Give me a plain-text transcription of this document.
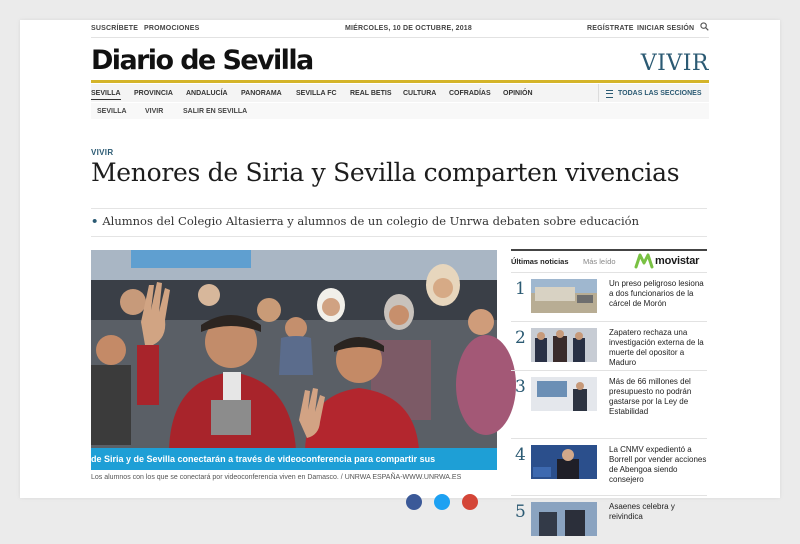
SUSCRÍBETE PROMOCIONES	MIÉRCOLES, 10 DE OCTUBRE, 2018	REGÍSTRATE INICIAR SESIÓN
Diario de Sevilla	VIVIR
SEVILLA PROVINCIA ANDALUCÍA PANORAMA SEVILLA FC REAL BETIS CULTURA COFRADÍAS OPINIÓN	TODAS LAS SECCIONES
SEVILLA	VIVIR	SALIR EN SEVILLA
VIVIR
Menores de Siria y Sevilla comparten vivencias
• Alumnos del Colegio Altasierra y alumnos de un colegio de Unrwa debaten sobre educación
de Siria y de Sevilla conectarán a través de videoconferencia para compartir sus
Los alumnos con los que se conectará por videoconferencia viven en Damasco. / UNRWA ESPAÑA-WWW.UNRWA.ES
Últimas noticias Más leído	movistar
1	Un preso peligroso lesiona a dos funcionarios de la cárcel de Morón
2	Zapatero rechaza una investigación externa de la muerte del opositor a Maduro
3	Más de 66 millones del presupuesto no podrán gastarse por la Ley de Estabilidad
4	La CNMV expedientó a Borrell por vender acciones de Abengoa siendo consejero
5	Asaenes celebra y reivindica
